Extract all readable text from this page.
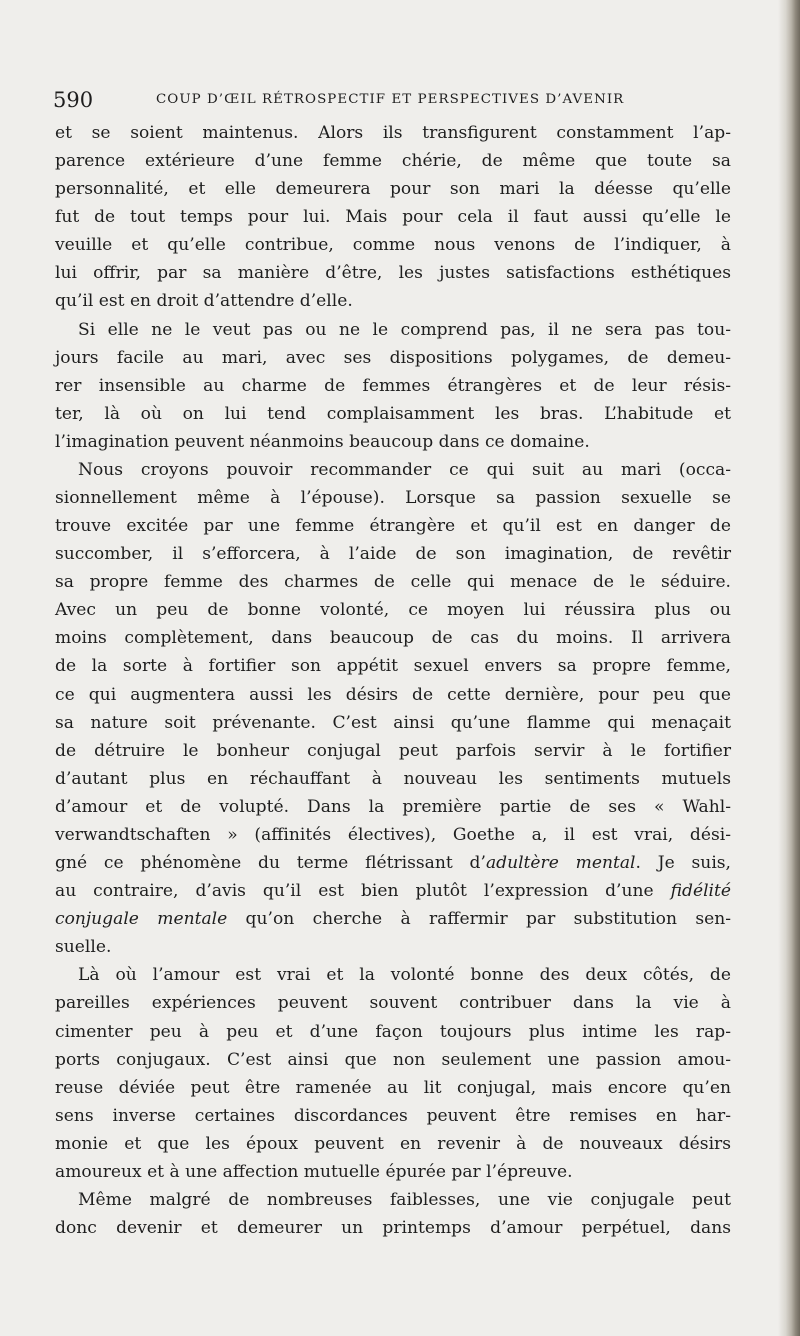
590	COUP D’ŒIL RÉTROSPECTIF ET PERSPECTIVES D’AVENIR
et se soient maintenus. Alors ils transfigurent constamment l’ap-
parence extérieure d’une femme chérie, de même que toute sa
personnalité, et elle demeurera pour son mari la déesse qu’elle
fut de tout temps pour lui. Mais pour cela il faut aussi qu’elle le
veuille et qu’elle contribue, comme nous venons de l’indiquer, à
lui offrir, par sa manière d’être, les justes satisfactions esthétiques
qu’il est en droit d’attendre d’elle.
Si elle ne le veut pas ou ne le comprend pas, il ne sera pas tou-
jours facile au mari, avec ses dispositions polygames, de demeu-
rer insensible au charme de femmes étrangères et de leur résis-
ter, là où on lui tend complaisamment les bras. L’habitude et
l’imagination peuvent néanmoins beaucoup dans ce domaine.
Nous croyons pouvoir recommander ce qui suit au mari (occa-
sionnellement même à l’épouse). Lorsque sa passion sexuelle se
trouve excitée par une femme étrangère et qu’il est en danger de
succomber, il s’efforcera, à l’aide de son imagination, de revêtir
sa propre femme des charmes de celle qui menace de le séduire.
Avec un peu de bonne volonté, ce moyen lui réussira plus ou
moins complètement, dans beaucoup de cas du moins. Il arrivera
de la sorte à fortifier son appétit sexuel envers sa propre femme,
ce qui augmentera aussi les désirs de cette dernière, pour peu que
sa nature soit prévenante. C’est ainsi qu’une flamme qui menaçait
de détruire le bonheur conjugal peut parfois servir à le fortifier
d’autant plus en réchauffant à nouveau les sentiments mutuels
d’amour et de volupté. Dans la première partie de ses « Wahl-
verwandtschaften » (affinités électives), Goethe a, il est vrai, dési-
gné ce phénomène du terme flétrissant d’adultère mental. Je suis,
au contraire, d’avis qu’il est bien plutôt l’expression d’une fidélité
conjugale mentale qu’on cherche à raffermir par substitution sen-
suelle.
Là où l’amour est vrai et la volonté bonne des deux côtés, de
pareilles expériences peuvent souvent contribuer dans la vie à
cimenter peu à peu et d’une façon toujours plus intime les rap-
ports conjugaux. C’est ainsi que non seulement une passion amou-
reuse déviée peut être ramenée au lit conjugal, mais encore qu’en
sens inverse certaines discordances peuvent être remises en har-
monie et que les époux peuvent en revenir à de nouveaux désirs
amoureux et à une affection mutuelle épurée par l’épreuve.
Même malgré de nombreuses faiblesses, une vie conjugale peut
donc devenir et demeurer un printemps d’amour perpétuel, dans
